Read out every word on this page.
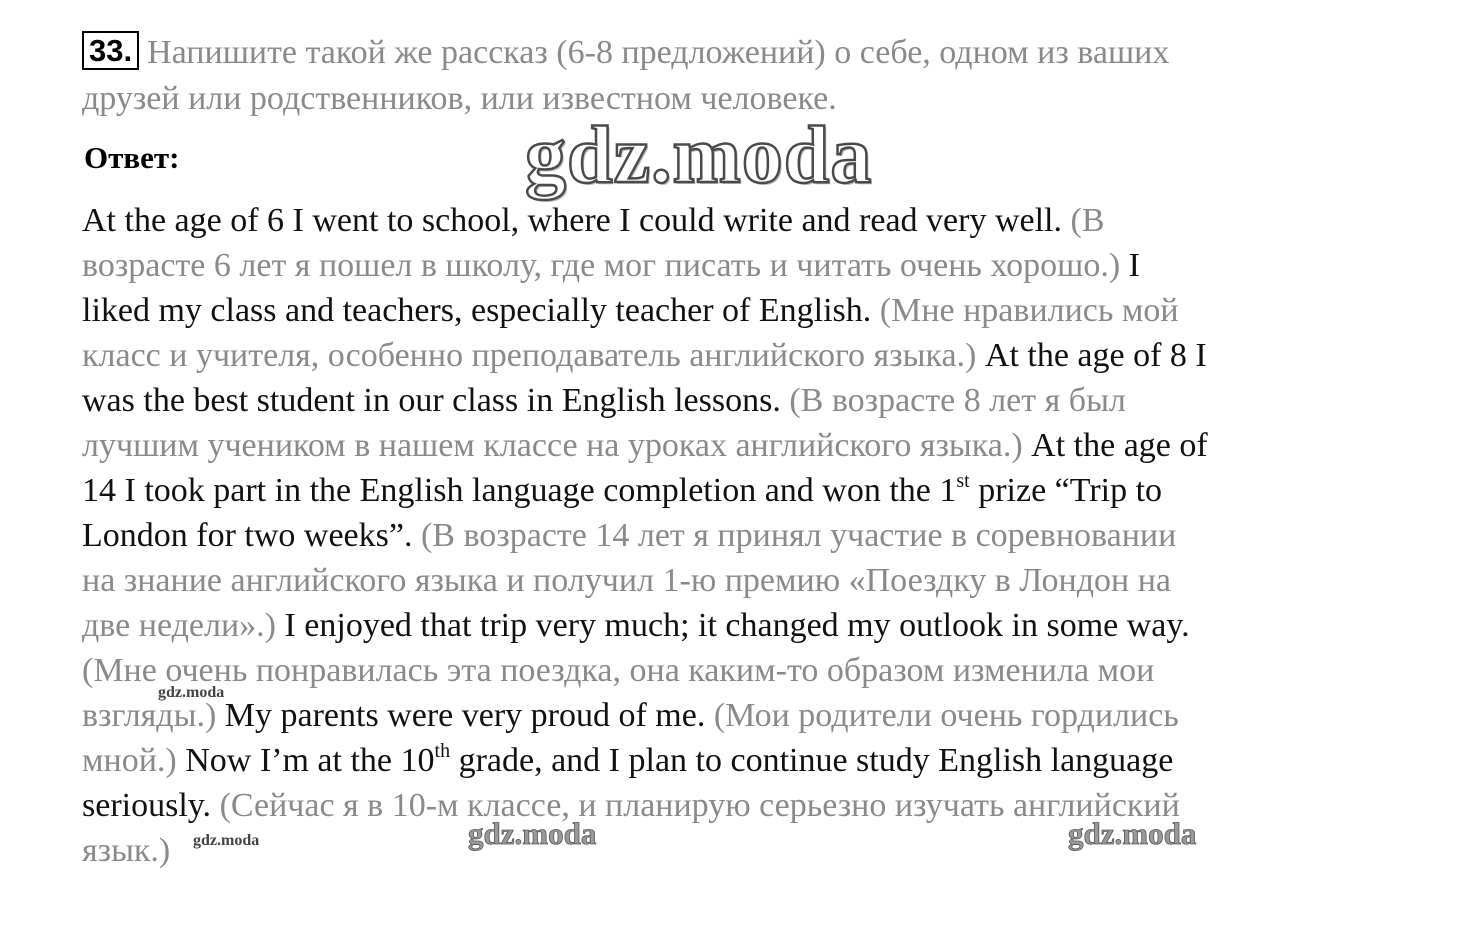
33. Напишите такой же рассказ (6-8 предложений) о себе, одном из ваших
друзей или родственников, или известном человеке.
Ответ:	gdz.moda
At the age of 6 I went to school, where I could write and read very well. (В
возрасте 6 лет я пошел в школу, где мог писать и читать очень хорошо.) I
liked my class and teachers, especially teacher of English. (Мне нравились мой
класс и учителя, особенно преподаватель английского языка.) At the age of 8 I
was the best student in our class in English lessons. (В возрасте 8 лет я был
лучшим учеником в нашем классе на уроках английского языка.) At the age of
14 I took part in the English language completion and won the 1st prize “Trip to
London for two weeks”. (В возрасте 14 лет я принял участие в соревновании
на знание английского языка и получил 1-ю премию «Поездку в Лондон на
две недели».) I enjoyed that trip very much; it changed my outlook in some way.
(Мне очень понравилась эта поездка, она каким-то образом изменила мои
взгляды.) My parents were very proud of me. (Мои родители очень гордились
мной.) Now I’m at the 10th grade, and I plan to continue study English language
seriously. (Сейчас я в 10-м классе, и планирую серьезно изучать английский
язык.)
gdz.moda
gdz.moda	gdz.moda	gdz.moda
